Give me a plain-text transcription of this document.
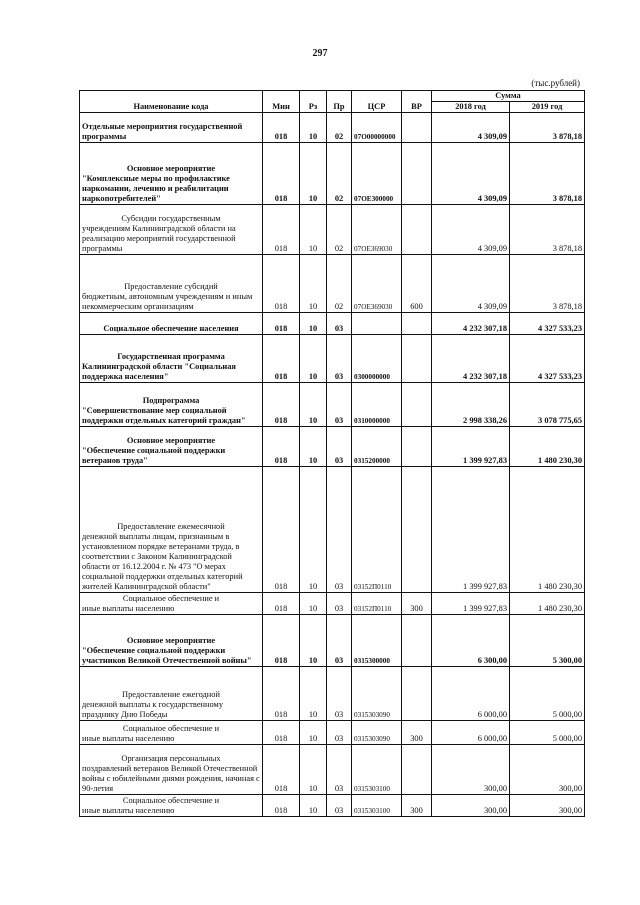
297
(тыс.рублей)
Наименование кода	Мин	Рз	Пр	ЦСР	ВР	Сумма	
						2018 год	2019 год
Отдельные мероприятия государственной программы	018	10	02	07О00000000		4 309,09	3 878,18

Основное мероприятие
"Комплексные меры по профилактике наркомании, лечению и реабилитации наркопотребителей"	018	10	02	07ОЕ300000		4 309,09	3 878,18

Субсидии государственным
учреждениям Калининградской области на реализацию мероприятий государственной программы	018	10	02	07ОЕ369030		4 309,09	3 878,18

Предоставление субсидий
бюджетным, автономным учреждениям и иным некоммерческим организациям	018	10	02	07ОЕ369030	600	4 309,09	3 878,18

Социальное обеспечение населения	018	10	03			4 232 307,18	4 327 533,23

Государственная программа
Калининградской области "Социальная поддержка населения"	018	10	03	0300000000		4 232 307,18	4 327 533,23

Подпрограмма
"Совершенствование мер социальной поддержки отдельных категорий граждан"	018	10	03	0310000000		2 998 338,26	3 078 775,65

Основное мероприятие
"Обеспечение социальной поддержки ветеранов труда"	018	10	03	0315200000		1 399 927,83	1 480 230,30

Предоставление ежемесячной
денежной выплаты лицам, признанным в установленном порядке ветеранами труда, в соответствии с Законом Калининградской области от 16.12.2004 г. № 473 "О мерах социальной поддержки отдельных категорий жителей Калининградской области"	018	10	03	03152П0110		1 399 927,83	1 480 230,30

Социальное обеспечение и
иные выплаты населению	018	10	03	03152П0110	300	1 399 927,83	1 480 230,30

Основное мероприятие
"Обеспечение социальной поддержки участников Великой Отечественной войны"	018	10	03	0315300000		6 300,00	5 300,00

Предоставление ежегодной
денежной выплаты к государственному празднику Дню Победы	018	10	03	0315303090		6 000,00	5 000,00

Социальное обеспечение и
иные выплаты населению	018	10	03	0315303090	300	6 000,00	5 000,00

Организация персональных
поздравлений ветеранов Великой Отечественной войны с юбилейными днями рождения, начиная с 90-летия	018	10	03	0315303100		300,00	300,00

Социальное обеспечение и
иные выплаты населению	018	10	03	0315303100	300	300,00	300,00
